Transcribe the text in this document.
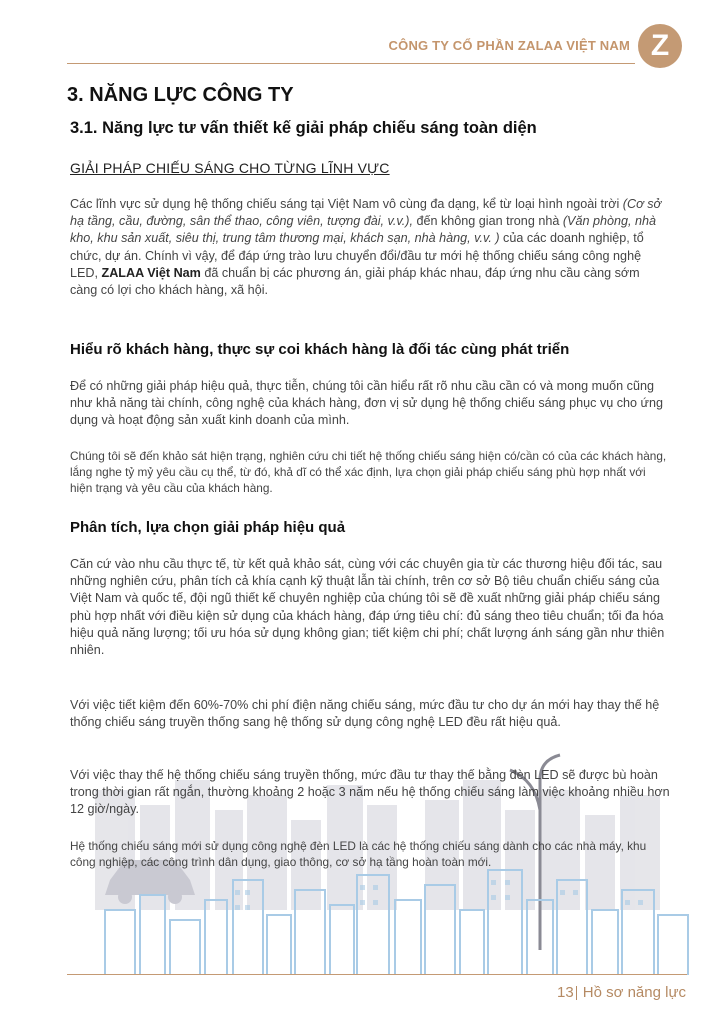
CÔNG TY CỔ PHẦN ZALAA VIỆT NAM Z
3. NĂNG LỰC CÔNG TY
3.1. Năng lực tư vấn thiết kế giải pháp chiếu sáng toàn diện
GIẢI PHÁP CHIẾU SÁNG CHO TỪNG LĨNH VỰC

Các lĩnh vực sử dụng hệ thống chiếu sáng tại Việt Nam vô cùng đa dạng, kể từ loại hình ngoài trời (Cơ sở hạ tầng, cầu, đường, sân thể thao, công viên, tượng đài, v.v.), đến không gian trong nhà (Văn phòng, nhà kho, khu sản xuất, siêu thị, trung tâm thương mại, khách sạn, nhà hàng, v.v. ) của các doanh nghiệp, tổ chức, dự án. Chính vì vậy, để đáp ứng trào lưu chuyển đổi/đầu tư mới hệ thống chiếu sáng công nghệ LED, ZALAA Việt Nam đã chuẩn bị các phương án, giải pháp khác nhau, đáp ứng nhu cầu càng sớm càng có lợi cho khách hàng, xã hội.

Hiểu rõ khách hàng, thực sự coi khách hàng là đối tác cùng phát triển

Để có những giải pháp hiệu quả, thực tiễn, chúng tôi cần hiểu rất rõ nhu cầu cần có và mong muốn cũng như khả năng tài chính, công nghệ của khách hàng, đơn vị sử dụng hệ thống chiếu sáng phục vụ cho ứng dụng và hoạt động sản xuất kinh doanh của mình.

Chúng tôi sẽ đến khảo sát hiện trạng, nghiên cứu chi tiết hệ thống chiếu sáng hiện có/cần có của các khách hàng, lắng nghe tỷ mỷ yêu cầu cụ thể, từ đó, khả dĩ có thể xác định, lựa chọn giải pháp chiếu sáng phù hợp nhất với hiện trạng và yêu cầu của khách hàng.

Phân tích, lựa chọn giải pháp hiệu quả

Căn cứ vào nhu cầu thực tế, từ kết quả khảo sát, cùng với các chuyên gia từ các thương hiệu đối tác, sau những nghiên cứu, phân tích cả khía cạnh kỹ thuật lẫn tài chính, trên cơ sở Bộ tiêu chuẩn chiếu sáng của Việt Nam và quốc tế, đội ngũ thiết kế chuyên nghiệp của chúng tôi sẽ đề xuất những giải pháp chiếu sáng phù hợp nhất với điều kiện sử dụng của khách hàng, đáp ứng tiêu chí: đủ sáng theo tiêu chuẩn; tối đa hóa hiệu quả năng lượng; tối ưu hóa sử dụng không gian; tiết kiệm chi phí; chất lượng ánh sáng gần như thiên nhiên.

Với việc tiết kiệm đến 60%-70% chi phí điện năng chiếu sáng, mức đầu tư cho dự án mới hay thay thế hệ thống chiếu sáng truyền thống sang hệ thống sử dụng công nghệ LED đều rất hiệu quả.

Với việc thay thế hệ thống chiếu sáng truyền thống, mức đầu tư thay thế bằng đèn LED sẽ được bù hoàn trong thời gian rất ngắn, thường khoảng 2 hoặc 3 năm nếu hệ thống chiếu sáng làm việc khoảng nhiều hơn 12 giờ/ngày.

Hệ thống chiếu sáng mới sử dụng công nghệ đèn LED là các hệ thống chiếu sáng dành cho các nhà máy, khu công nghiệp, các công trình dân dụng, giao thông, cơ sở hạ tầng hoàn toàn mới.

13 Hồ sơ năng lực
